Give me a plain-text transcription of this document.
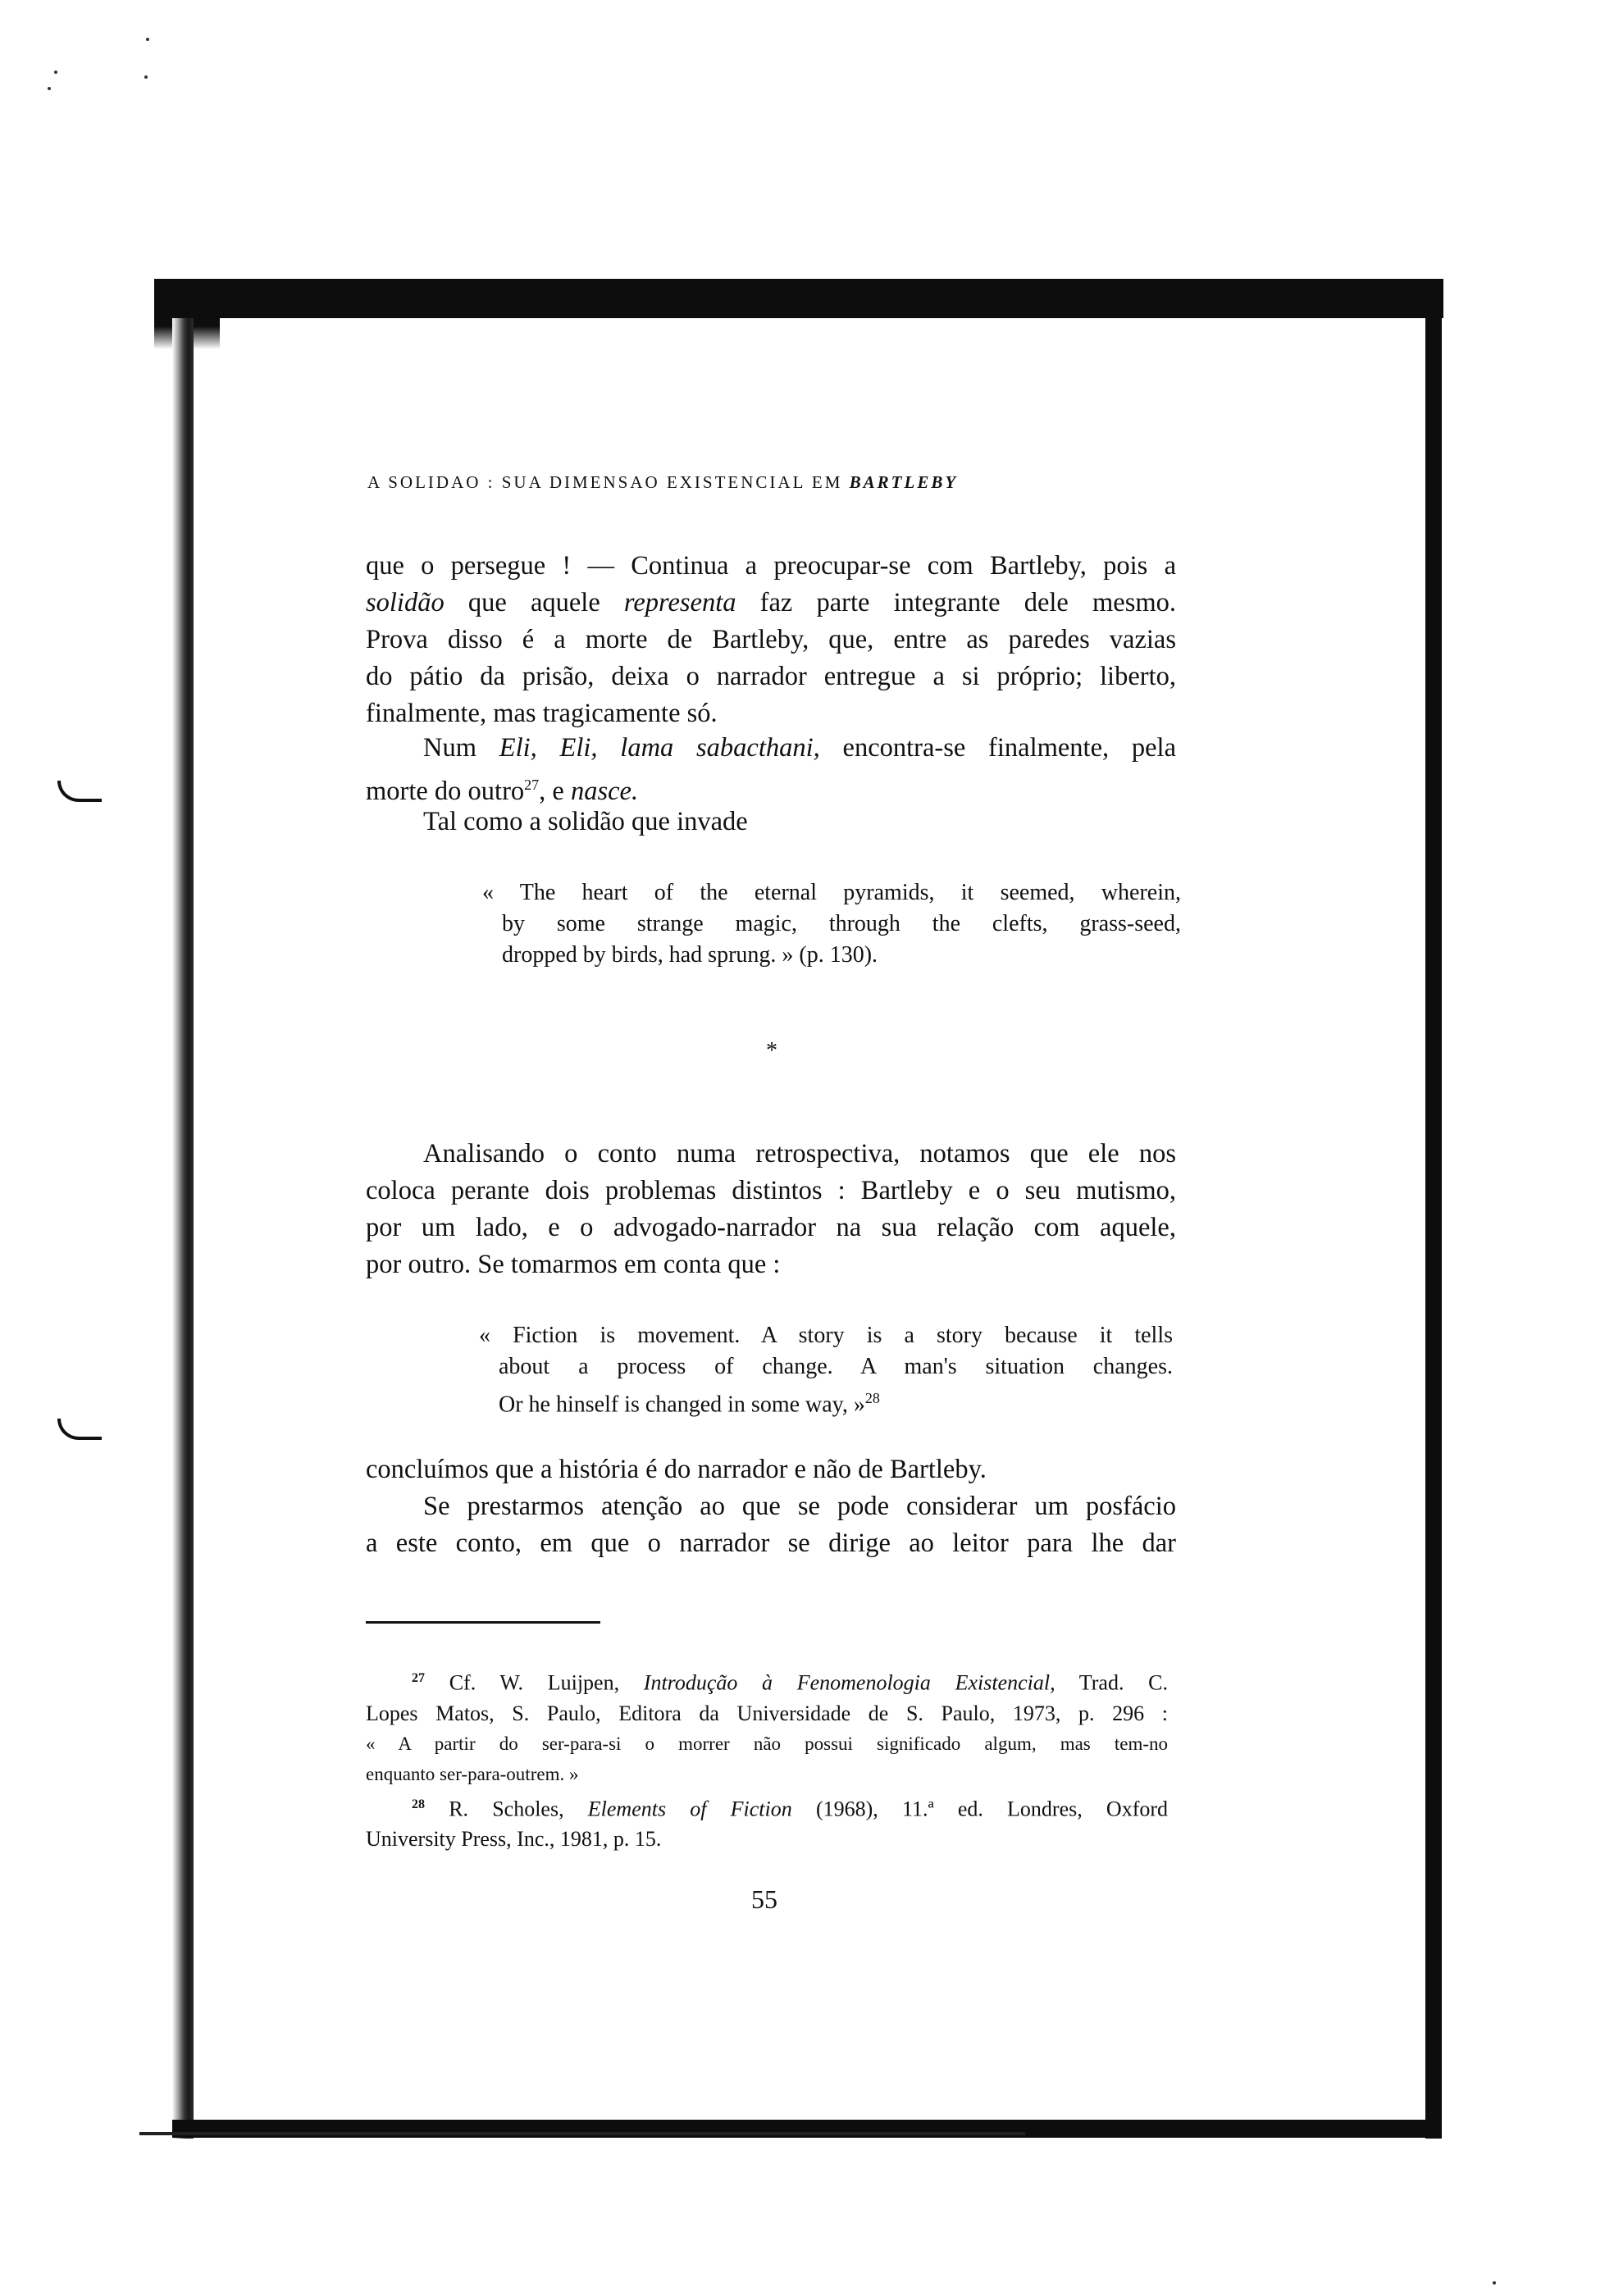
A SOLIDAO : SUA DIMENSAO EXISTENCIAL EM BARTLEBY
que o persegue ! — Continua a preocupar-se com Bartleby, pois a
solidão que aquele representa faz parte integrante dele mesmo.
Prova disso é a morte de Bartleby, que, entre as paredes vazias
do pátio da prisão, deixa o narrador entregue a si próprio; liberto,
finalmente, mas tragicamente só.
Num Eli, Eli, lama sabacthani, encontra-se finalmente, pela
morte do outro$^{27}$, e nasce.
Tal como a solidão que invade
« The heart of the eternal pyramids, it seemed, wherein,
by some strange magic, through the clefts, grass-seed,
dropped by birds, had sprung. » (p. 130).
*
Analisando o conto numa retrospectiva, notamos que ele nos
coloca perante dois problemas distintos : Bartleby e o seu mutismo,
por um lado, e o advogado-narrador na sua relação com aquele,
por outro. Se tomarmos em conta que :
« Fiction is movement. A story is a story because it tells
about a process of change. A man's situation changes.
Or he hinself is changed in some way, »$^{28}$
concluímos que a história é do narrador e não de Bartleby.
Se prestarmos atenção ao que se pode considerar um posfácio
a este conto, em que o narrador se dirige ao leitor para lhe dar
$^{27}$ Cf. W. Luijpen, Introdução à Fenomenologia Existencial, Trad. C.
Lopes Matos, S. Paulo, Editora da Universidade de S. Paulo, 1973, p. 296 :
« A partir do ser-para-si o morrer não possui significado algum, mas tem-no
enquanto ser-para-outrem. »
$^{28}$ R. Scholes, Elements of Fiction (1968), 11.ª ed. Londres, Oxford
University Press, Inc., 1981, p. 15.
55
